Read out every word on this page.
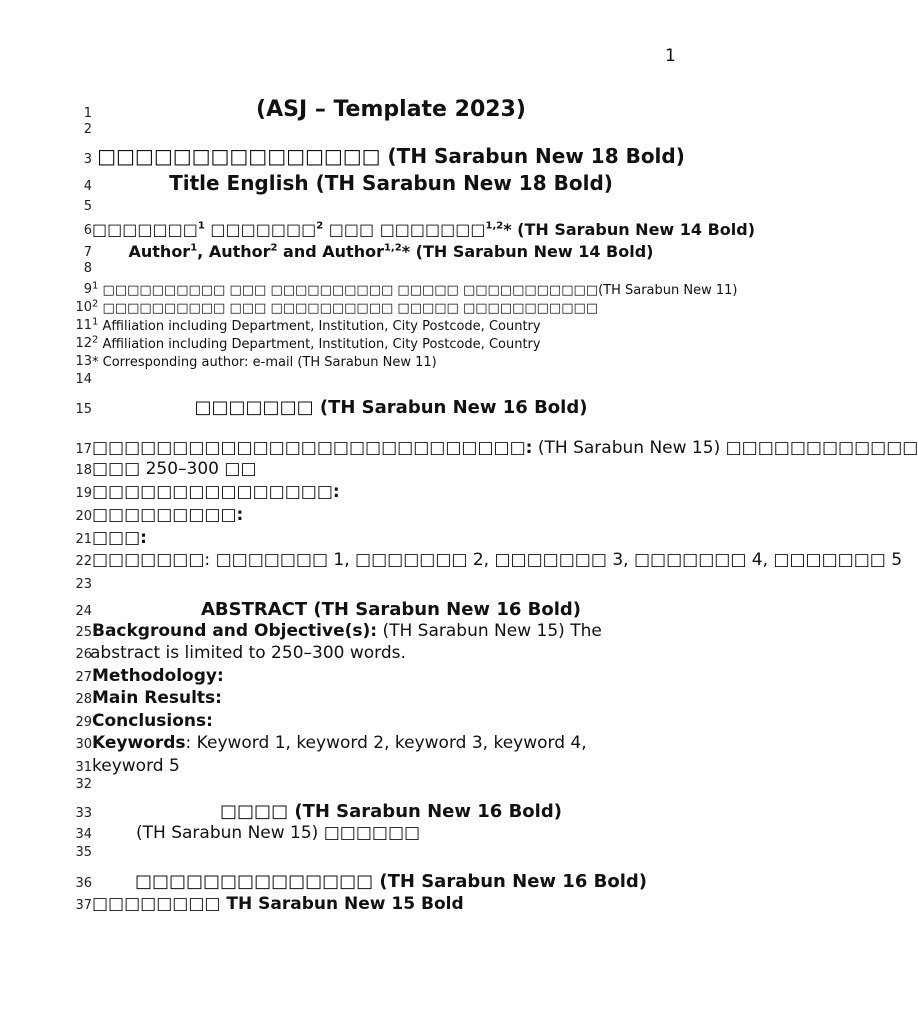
1
1	(ASJ – Template 2023)
2
3 □□□□□□□□□□□□□□□ (TH Sarabun New 18 Bold)
4	Title English (TH Sarabun New 18 Bold)
5
6 □□□□□□□$^1$ □□□□□□□$^2$ □□□ □□□□□□□$^{1,2}$* (TH Sarabun New 14 Bold)
7	Author$^1$, Author$^2$ and Author$^{1,2}$* (TH Sarabun New 14 Bold)
8
9 $^1$ □□□□□□□□□□ □□□ □□□□□□□□□□ □□□□□ □□□□□□□□□□□(TH Sarabun New 11)
10 $^2$ □□□□□□□□□□ □□□ □□□□□□□□□□ □□□□□ □□□□□□□□□□□
11 $^1$ Affiliation including Department, Institution, City Postcode, Country
12 $^2$ Affiliation including Department, Institution, City Postcode, Country
13 * Corresponding author: e-mail (TH Sarabun New 11)
14
15	□□□□□□□ (TH Sarabun New 16 Bold)
17 □□□□□□□□□□□□□□□□□□□□□□□□□□□: (TH Sarabun New 15) □□□□□□□□□□□□
18 □□□ 250–300 □□
19 □□□□□□□□□□□□□□□:
20 □□□□□□□□□:
21 □□□:
22 □□□□□□□: □□□□□□□ 1, □□□□□□□ 2, □□□□□□□ 3, □□□□□□□ 4, □□□□□□□ 5
23
24	ABSTRACT (TH Sarabun New 16 Bold)
25 Background and Objective(s): (TH Sarabun New 15) The
26
abstract is limited to 250–300 words.
27 Methodology:
28 Main Results:
29 Conclusions:
30 Keywords: Keyword 1, keyword 2, keyword 3, keyword 4,
31 keyword 5
32
33	□□□□ (TH Sarabun New 16 Bold)
34	(TH Sarabun New 15) □□□□□□
35
36	□□□□□□□□□□□□□□ (TH Sarabun New 16 Bold)
37 □□□□□□□□ TH Sarabun New 15 Bold
